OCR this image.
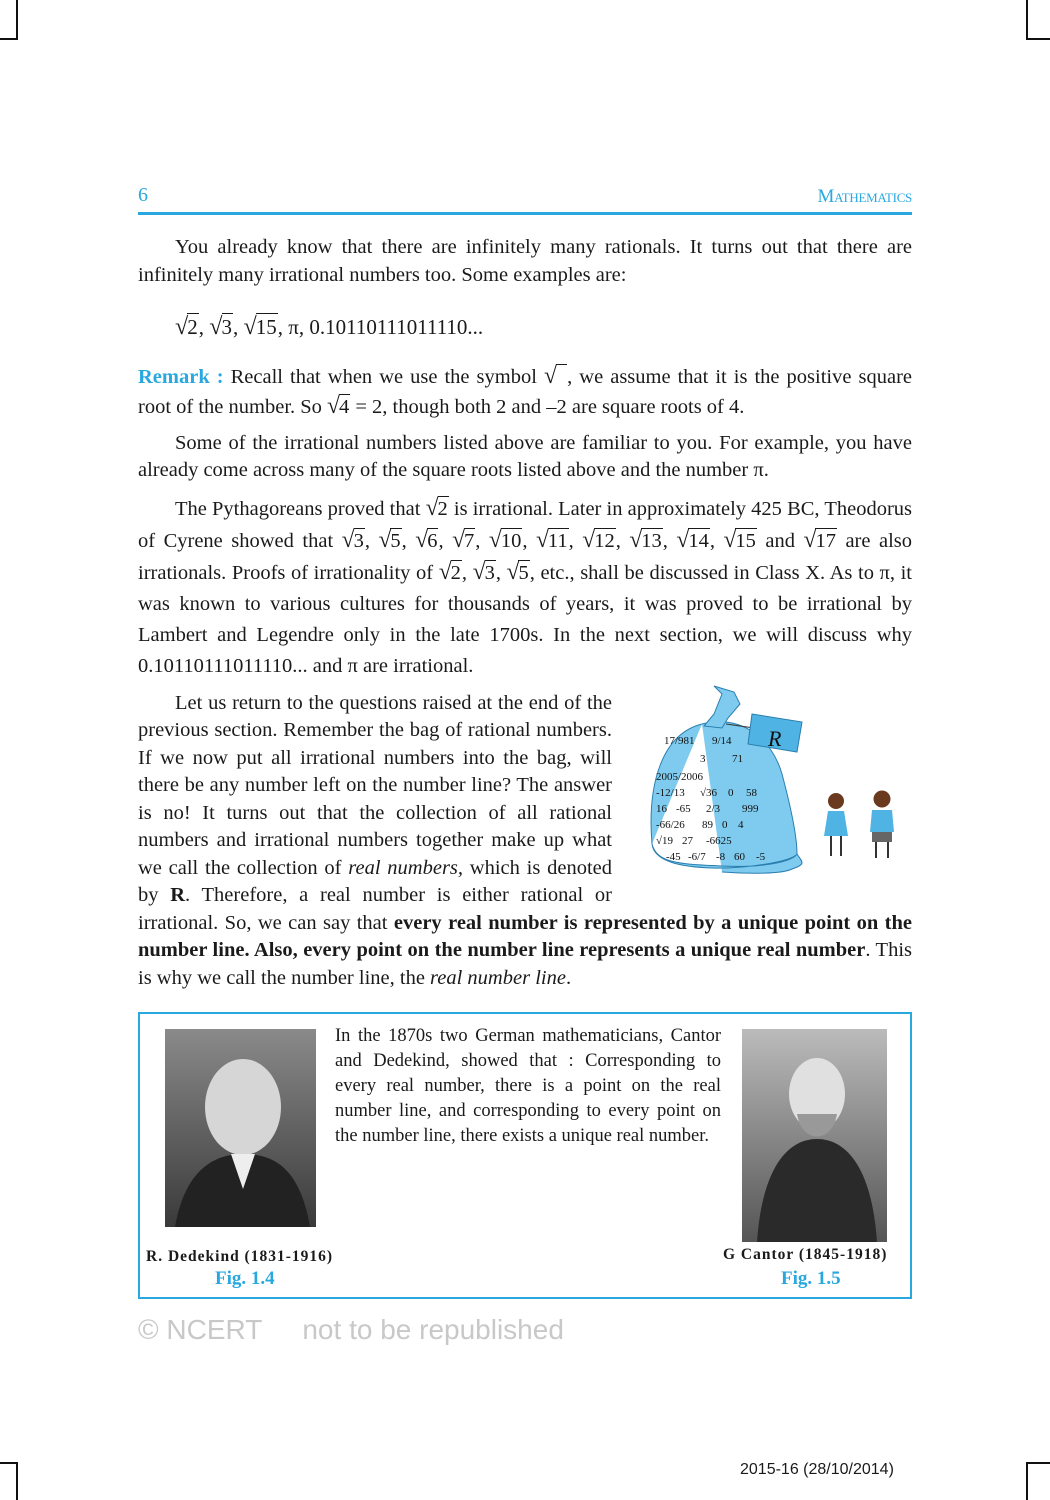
6	Mathematics

You already know that there are infinitely many rationals. It turns out that there are infinitely many irrational numbers too. Some examples are:

√ 2, √ 3, √ 15, π, 0.10110111011110...

Remark : Recall that when we use the symbol √  , we assume that it is the positive square root of the number. So √ 4 = 2, though both 2 and –2 are square roots of 4.

Some of the irrational numbers listed above are familiar to you. For example, you have already come across many of the square roots listed above and the number π.

The Pythagoreans proved that √ 2 is irrational. Later in approximately 425 BC, Theodorus of Cyrene showed that √ 3, √ 5, √ 6, √ 7, √ 10, √ 11, √ 12, √ 13, √ 14, √ 15 and √ 17 are also irrationals. Proofs of irrationality of √ 2, √ 3, √ 5, etc., shall be discussed in Class X. As to π, it was known to various cultures for thousands of years, it was proved to be irrational by Lambert and Legendre only in the late 1700s. In the next section, we will discuss why 0.10110111011110... and π are irrational.

R
17/981 9/14
3 71
2005/2006
-12/13 √36 0 58
16 -65 2/3 999
-66/26 89 0
√19 27
4
-6625
-45 -6/7 -8 60 -5
Let us return to the questions raised at the end of the previous section. Remember the bag of rational numbers. If we now put all irrational numbers into the bag, will there be any number left on the number line? The answer is no! It turns out that the collection of all rational numbers and irrational numbers together make up what we call the collection of real numbers, which is denoted by R. Therefore, a real number is either rational or irrational. So, we can say that every real number is represented by a unique point on the number line. Also, every point on the number line represents a unique real number. This is why we call the number line, the real number line.
In the 1870s two German mathematicians, Cantor and Dedekind, showed that : Corresponding to every real number, there is a point on the real number line, and corresponding to every point on the number line, there exists a unique real number.
R. Dedekind (1831-1916)
Fig. 1.4
G Cantor (1845-1918)
Fig. 1.5
© NCERT not to be republished
2015-16 (28/10/2014)
